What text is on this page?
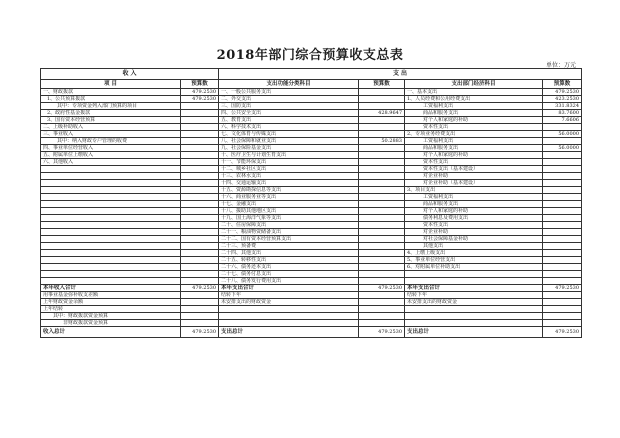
2018年部门综合预算收支总表
单位：万元
收 入		支 出			
项 目	预算数	支出功能分类科目	预算数	支出部门经济科目	预算数
一、财政拨款	479.2530	一、一般公共服务支出		一、基本支出	479.2530
1、公共预算拨款	479.2530	二、外交支出		1、人员经费和公用经费支出	423.2530
其中：专项资金列入部门预算的项目		三、国防支出		工资福利支出	331.8324
2、政府性基金拨款		四、公共安全支出	428.9647	商品和服务支出	83.7600
3、国有资本经营预算		五、教育支出		对个人和家庭的补助	7.6606
二、上级补助收入		六、科学技术支出		资本性支出	
三、事业收入		七、文化体育与传媒支出		2、专项业务经费支出	56.0000
其中：纳入财政专户管理的收费		八、社会保障和就业支出	50.2883	工资福利支出	
四、事业单位经营收入		九、社会保险基金支出		商品和服务支出	56.0000
五、附属单位上缴收入		十、医疗卫生与计划生育支出		对个人和家庭的补助	
六、其他收入		十一、节能环保支出		资本性支出	
		十二、城乡社区支出		资本性支出（基本建设）	
		十三、农林水支出		对企业补助	
		十四、交通运输支出		对企业补助（基本建设）	
		十五、资源勘探信息等支出		3、项目支出	
		十六、商业服务业等支出		工资福利支出	
		十七、金融支出		商品和服务支出	
		十八、援助其他地区支出		对个人和家庭的补助	
		十九、国土海洋气象等支出		债务利息及费用支出	
		二十、住房保障支出		资本性支出	
		二十一、粮油物资储备支出		对企业补助	
		二十二、国有资本经营预算支出		对社会保障基金补助	
		二十三、预备费		其他支出	
		二十四、其他支出		4、上缴上级支出	
		二十五、转移性支出		5、事业单位经营支出	
		二十六、债务还本支出		6、对附属单位补助支出	
		二十七、债务付息支出			
		二十八、债务发行费用支出			
本年收入合计	479.2530	本年支出合计	479.2530	本年支出合计	479.2530
用事业基金弥补收支差额		结转下年		结转下年	
上年财政资金余额		未安排支出的财政资金		未安排支出的财政资金	
上年结转					
其中：财政拨款资金预算					
非财政拨款资金预算					
收入总计	479.2530	支出总计	479.2530	支出总计	479.2530
